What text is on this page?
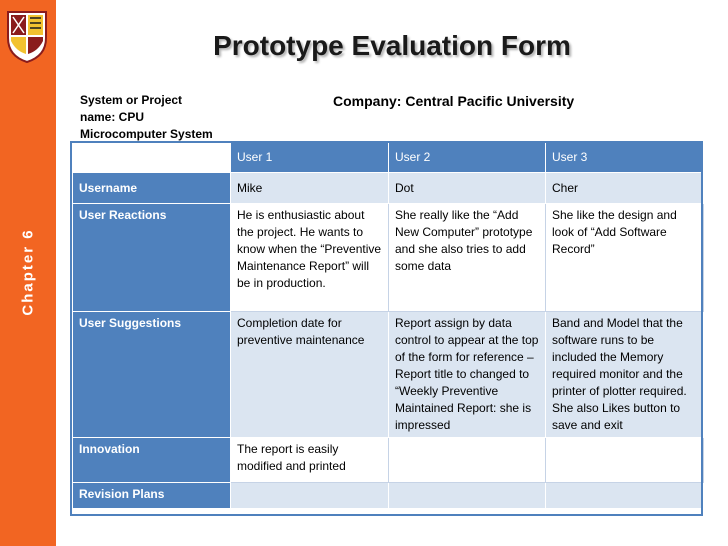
Chapter 6
Prototype Evaluation Form
System or Project
name: CPU
Microcomputer System
Company: Central Pacific University
	User 1	User 2	User 3
Username	Mike	Dot	Cher
User Reactions	He is enthusiastic about the project. He wants to know when the “Preventive Maintenance Report” will be in production.	She really like the “Add New Computer” prototype and she also tries to add some data	She like the design and look of “Add Software Record”
User Suggestions	Completion date for preventive maintenance	Report assign by data control to appear at the top of the form for reference – Report title to changed to “Weekly Preventive Maintained Report: she is impressed	Band and Model that the software runs to be included the Memory required monitor and the printer of plotter required. She also Likes button to save and exit
Innovation	The report is easily modified and printed		
Revision Plans			
